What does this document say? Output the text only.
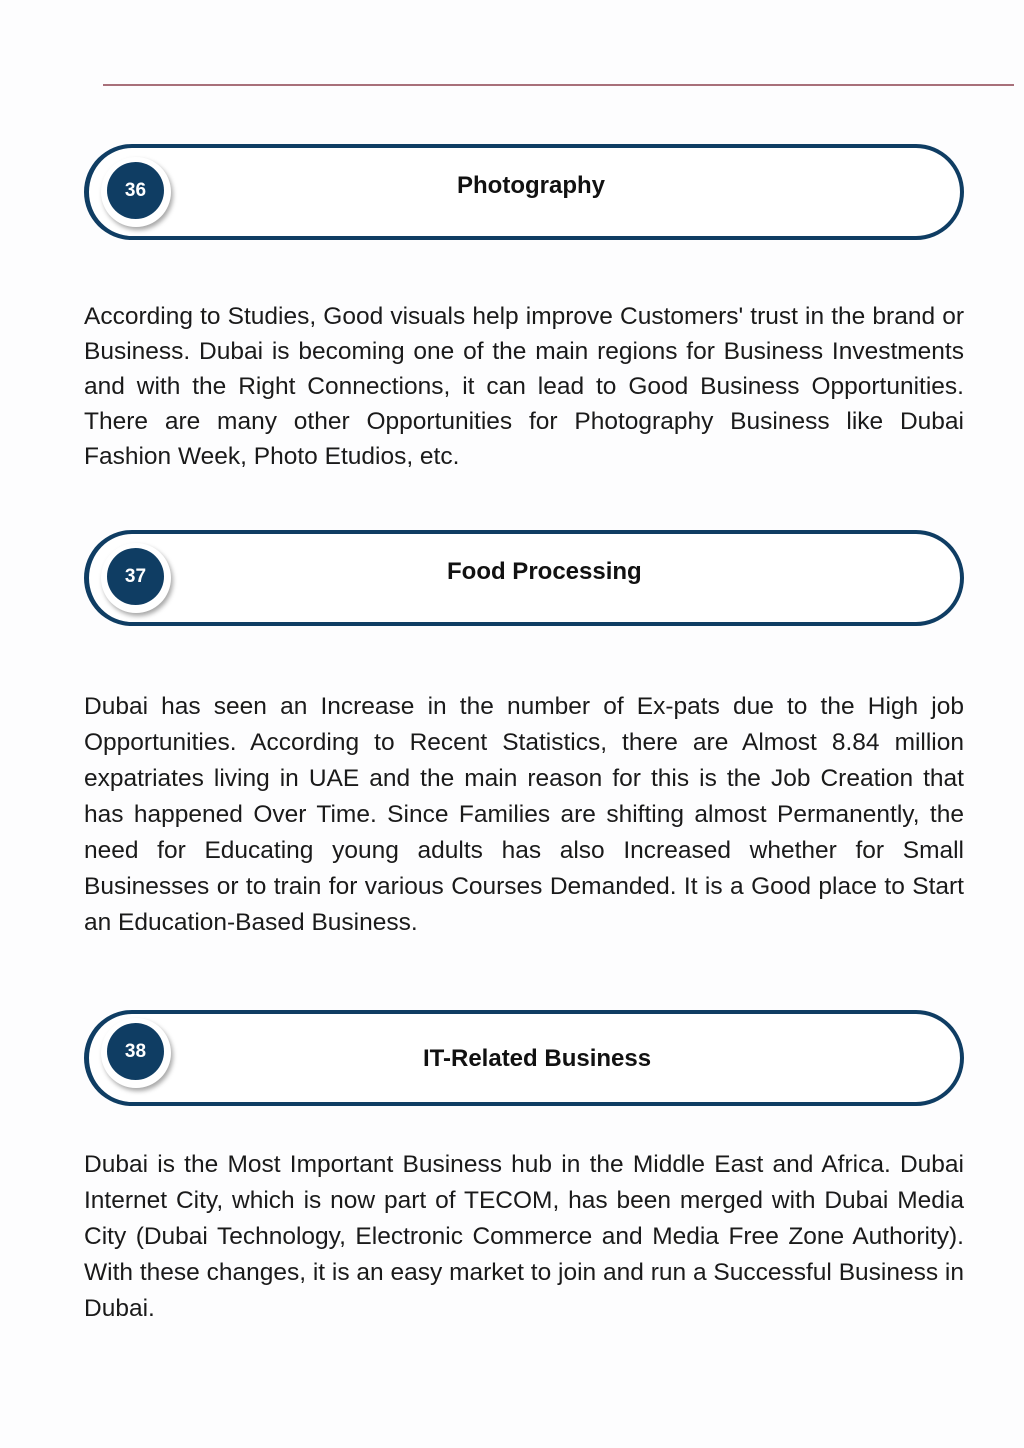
36	Photography

According to Studies, Good visuals help improve Customers' trust in the brand or Business. Dubai is becoming one of the main regions for Business Investments and with the Right Connections, it can lead to Good Business Opportunities. There are many other Opportunities for Photography Business like Dubai Fashion Week, Photo Etudios, etc.

37	Food Processing

Dubai has seen an Increase in the number of Ex-pats due to the High job Opportunities. According to Recent Statistics, there are Almost 8.84 million expatriates living in UAE and the main reason for this is the Job Creation that has happened Over Time. Since Families are shifting almost Permanently, the need for Educating young adults has also Increased whether for Small Businesses or to train for various Courses Demanded. It is a Good place to Start an Education-Based Business.

38	IT-Related Business

Dubai is the Most Important Business hub in the Middle East and Africa. Dubai Internet City, which is now part of TECOM, has been merged with Dubai Media City (Dubai Technology, Electronic Commerce and Media Free Zone Authority). With these changes, it is an easy market to join and run a Successful Business in Dubai.
